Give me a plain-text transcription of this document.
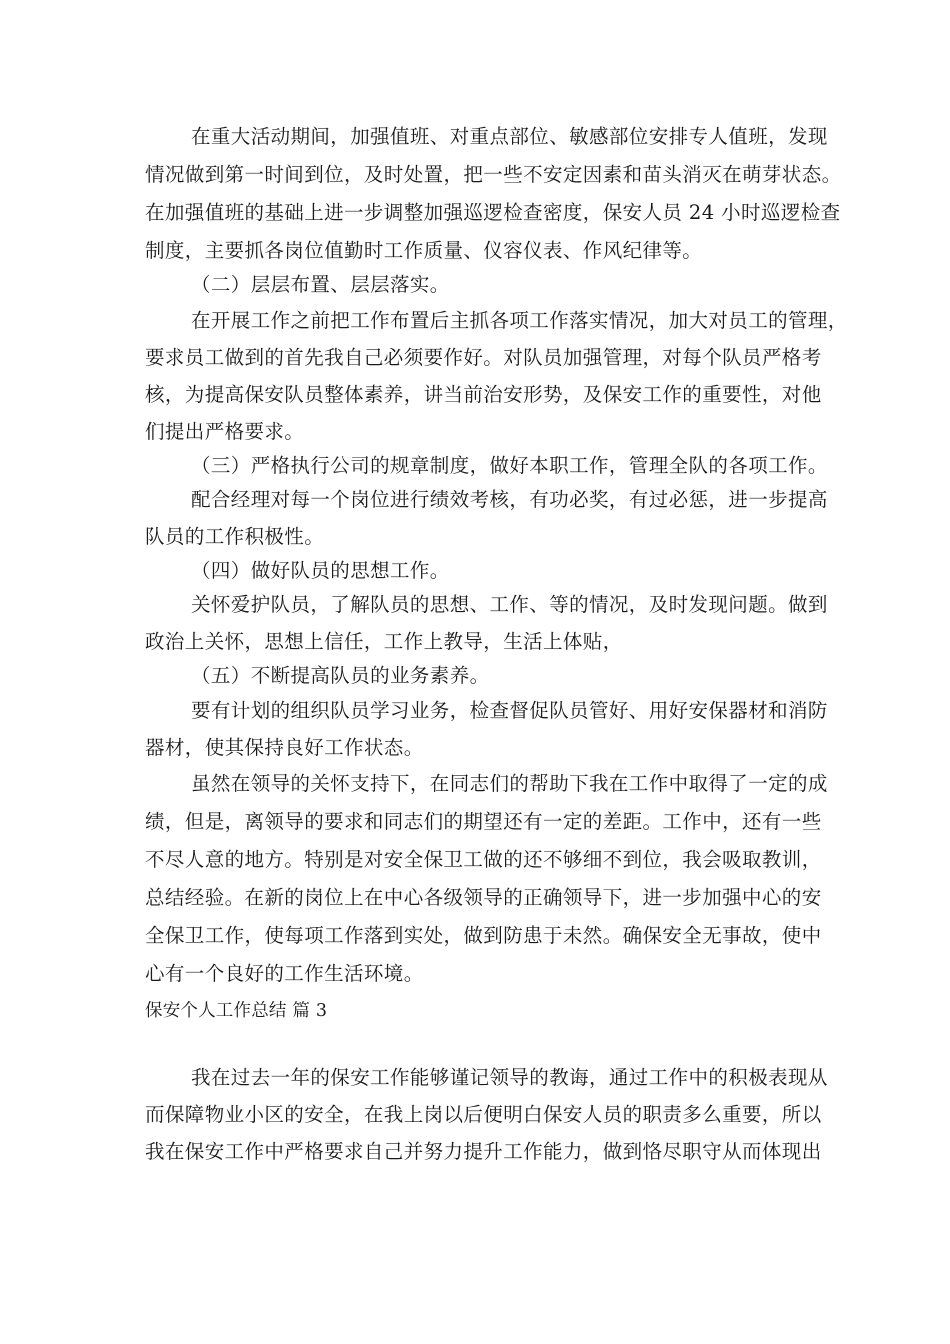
在重大活动期间，加强值班、对重点部位、敏感部位安排专人值班，发现
情况做到第一时间到位，及时处置，把一些不安定因素和苗头消灭在萌芽状态。
在加强值班的基础上进一步调整加强巡逻检查密度，保安人员 24 小时巡逻检查
制度，主要抓各岗位值勤时工作质量、仪容仪表、作风纪律等。
（二）层层布置、层层落实。
在开展工作之前把工作布置后主抓各项工作落实情况，加大对员工的管理，
要求员工做到的首先我自己必须要作好。对队员加强管理，对每个队员严格考
核，为提高保安队员整体素养，讲当前治安形势，及保安工作的重要性，对他
们提出严格要求。
（三）严格执行公司的规章制度，做好本职工作，管理全队的各项工作。
配合经理对每一个岗位进行绩效考核，有功必奖，有过必惩，进一步提高
队员的工作积极性。
（四）做好队员的思想工作。
关怀爱护队员，了解队员的思想、工作、等的情况，及时发现问题。做到
政治上关怀，思想上信任，工作上教导，生活上体贴，
（五）不断提高队员的业务素养。
要有计划的组织队员学习业务，检查督促队员管好、用好安保器材和消防
器材，使其保持良好工作状态。
虽然在领导的关怀支持下，在同志们的帮助下我在工作中取得了一定的成
绩，但是，离领导的要求和同志们的期望还有一定的差距。工作中，还有一些
不尽人意的地方。特别是对安全保卫工做的还不够细不到位，我会吸取教训，
总结经验。在新的岗位上在中心各级领导的正确领导下，进一步加强中心的安
全保卫工作，使每项工作落到实处，做到防患于未然。确保安全无事故，使中
心有一个良好的工作生活环境。
保安个人工作总结 篇 3
我在过去一年的保安工作能够谨记领导的教诲，通过工作中的积极表现从
而保障物业小区的安全，在我上岗以后便明白保安人员的职责多么重要，所以
我在保安工作中严格要求自己并努力提升工作能力，做到恪尽职守从而体现出
